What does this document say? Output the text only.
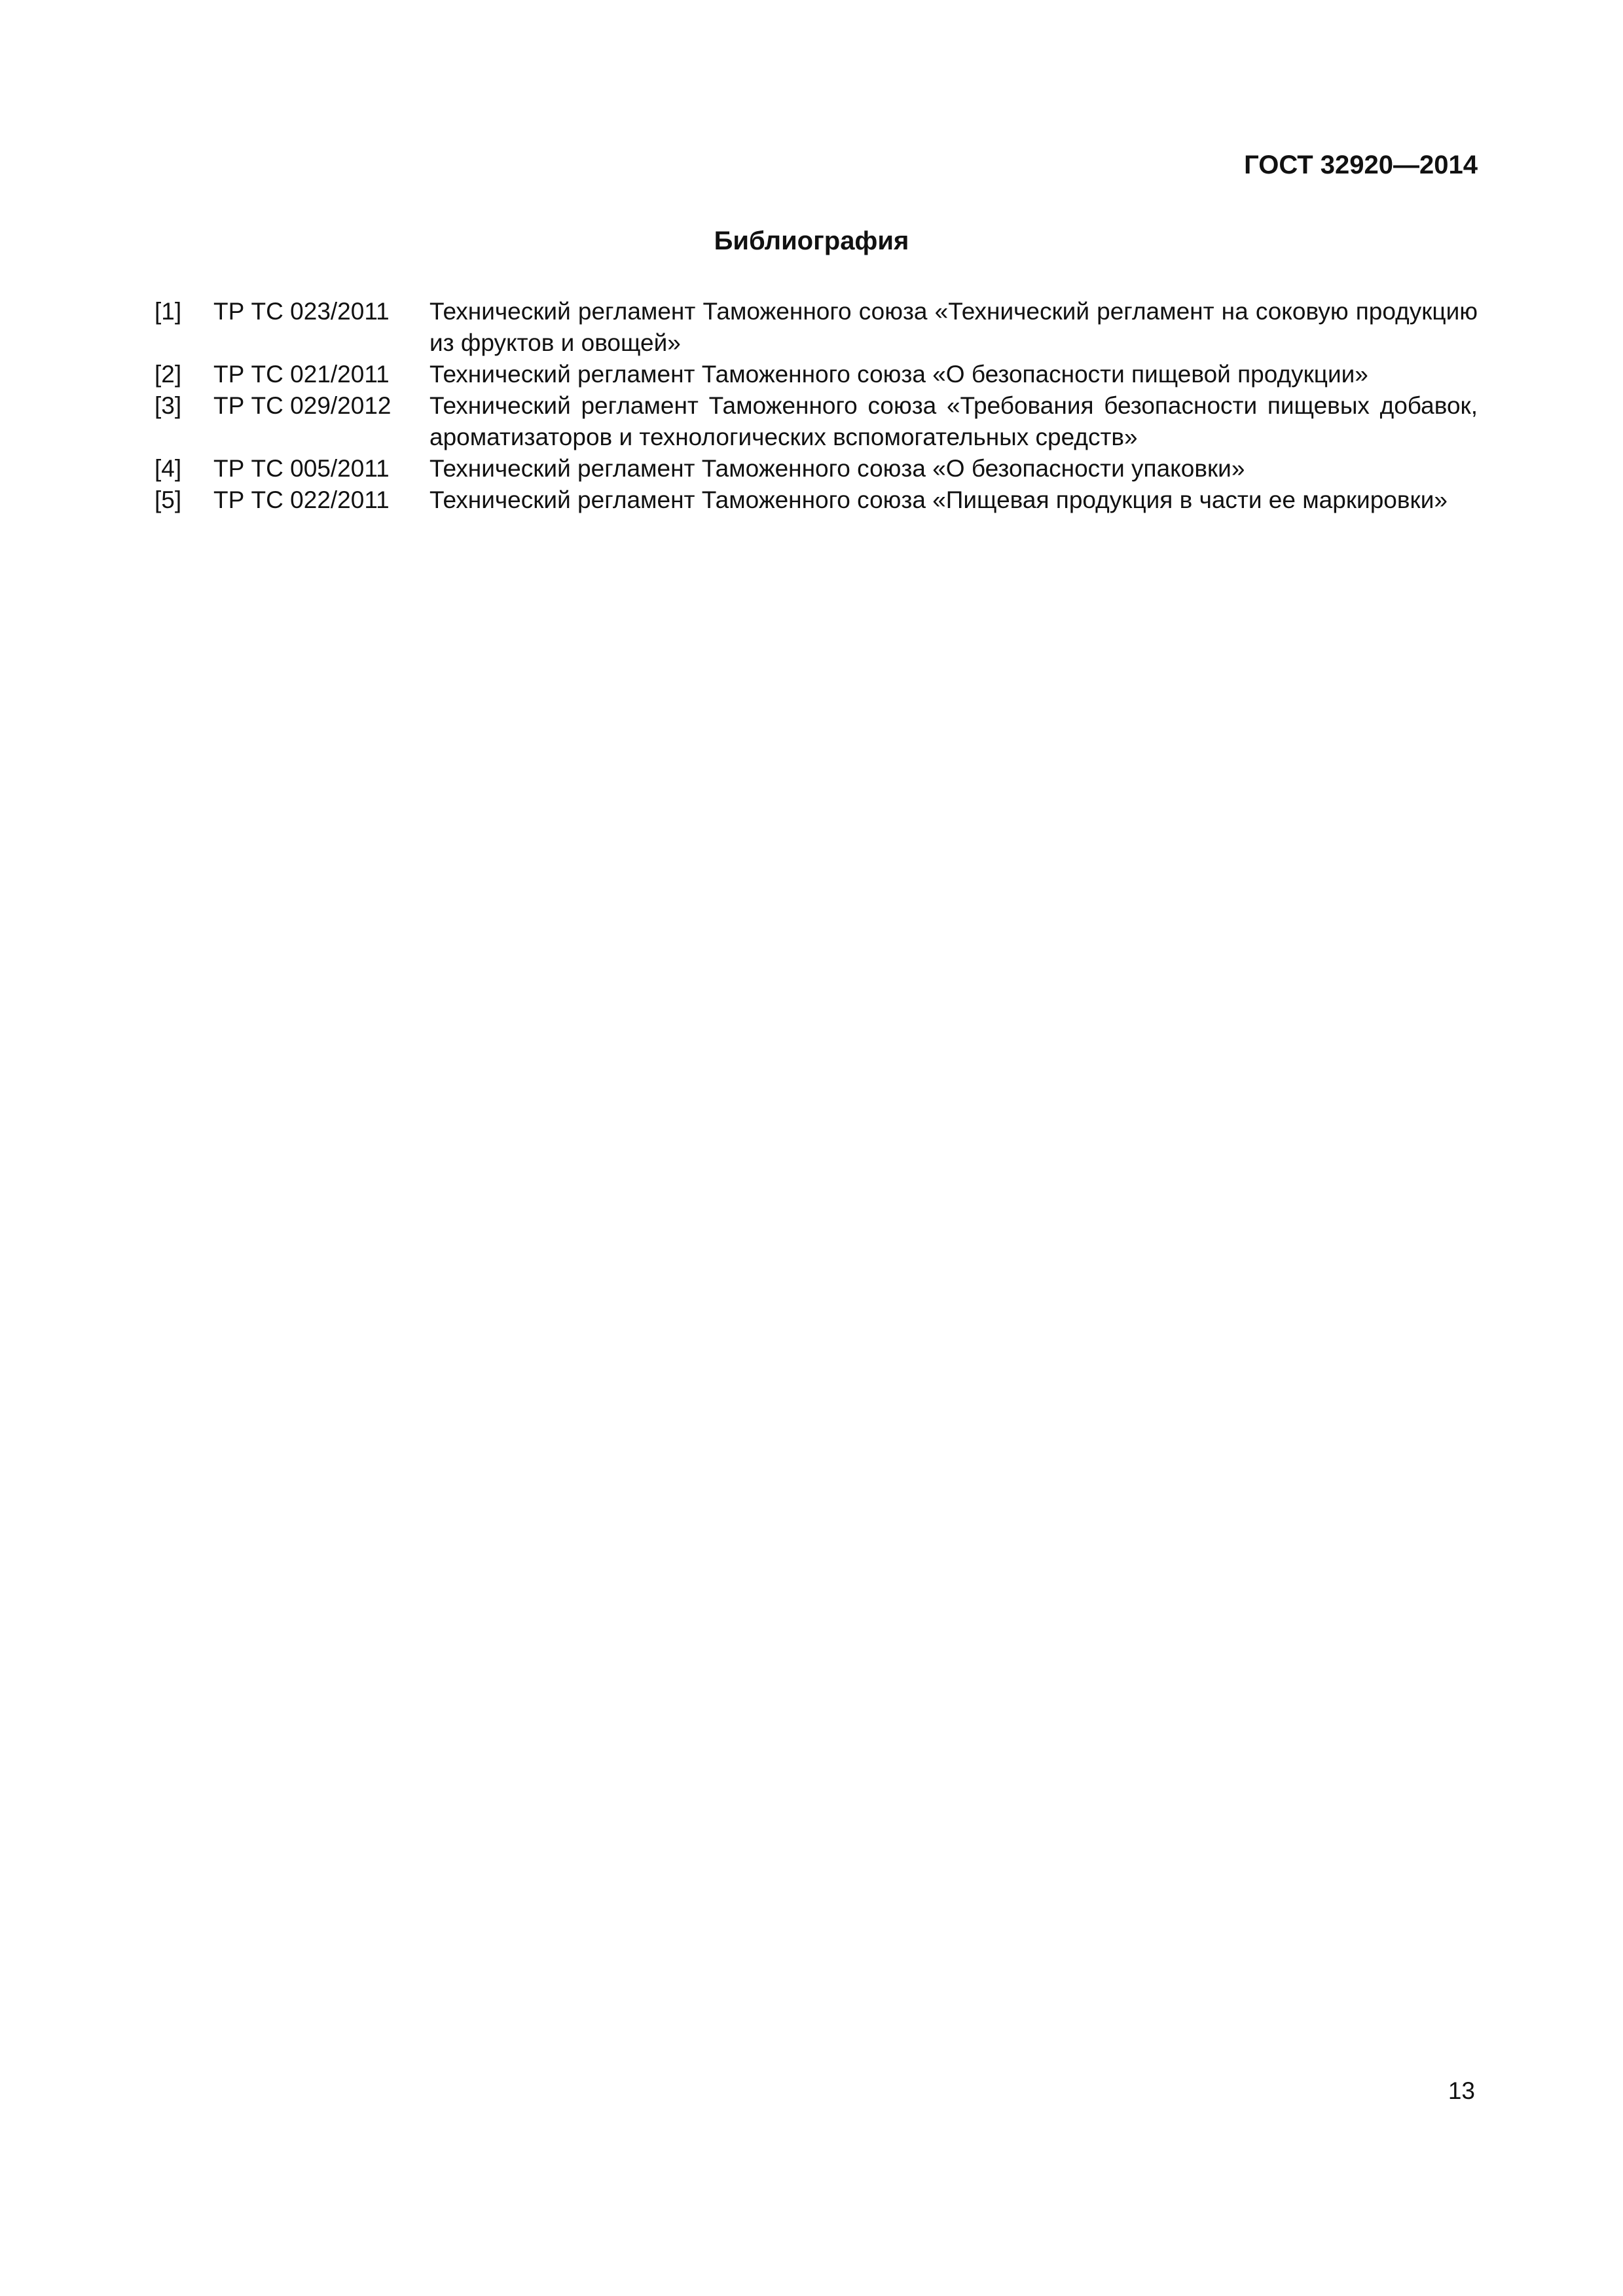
ГОСТ 32920—2014
Библиография
[1]	ТР ТС 023/2011	Технический регламент Таможенного союза «Технический регламент на соковую продукцию из фруктов и овощей»
[2]	ТР ТС 021/2011	Технический регламент Таможенного союза «О безопасности пищевой продукции»
[3]	ТР ТС 029/2012	Технический регламент Таможенного союза «Требования безопасности пищевых добавок, ароматизаторов и технологических вспомогательных средств»
[4]	ТР ТС 005/2011	Технический регламент Таможенного союза «О безопасности упаковки»
[5]	ТР ТС 022/2011	Технический регламент Таможенного союза «Пищевая продукция в части ее маркировки»
13
